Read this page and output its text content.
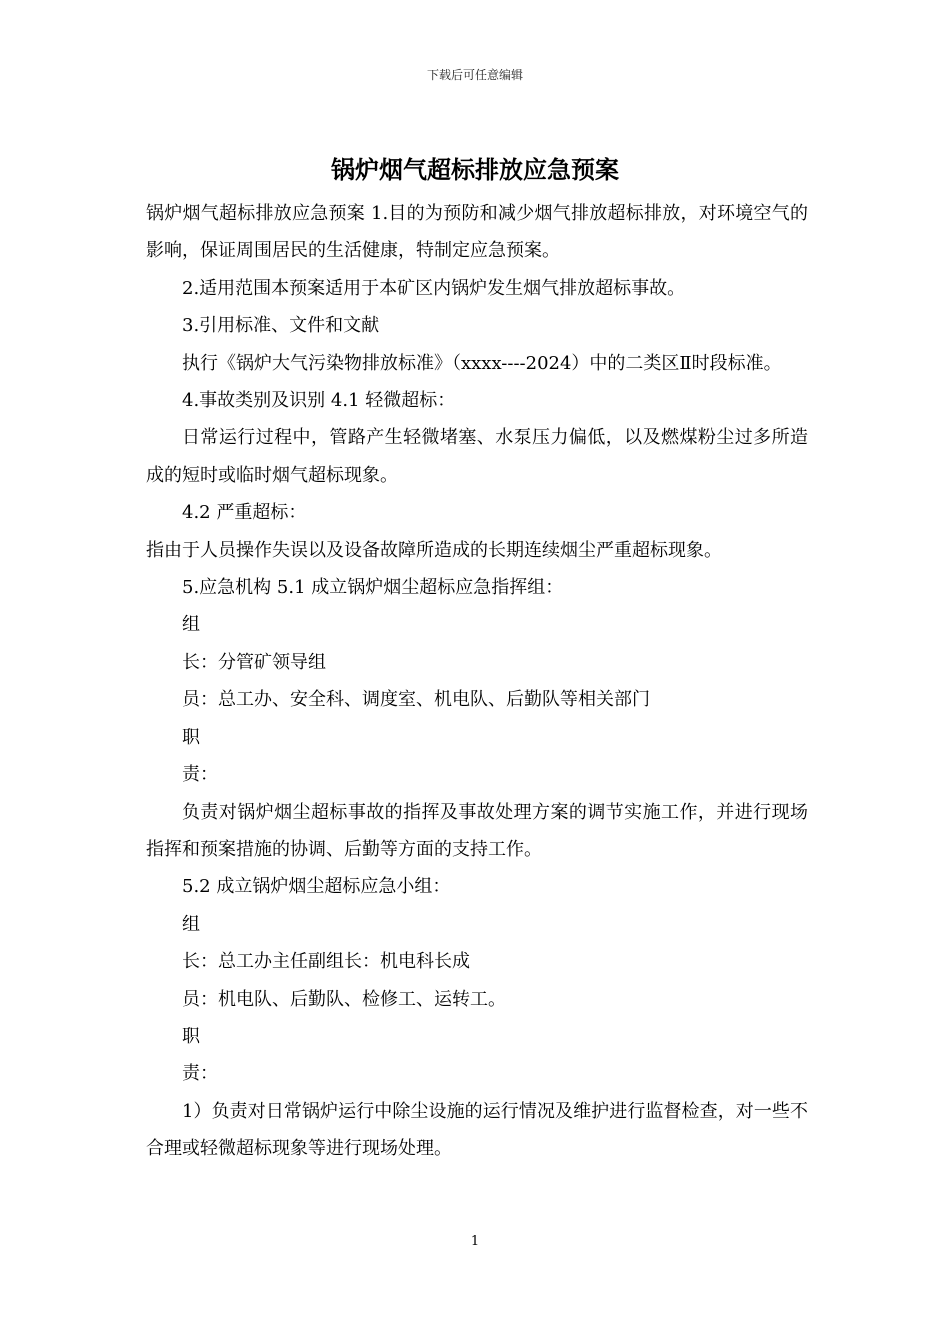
下载后可任意编辑
锅炉烟气超标排放应急预案

锅炉烟气超标排放应急预案 1.目的为预防和减少烟气排放超标排放，对环境空气的影响，保证周围居民的生活健康，特制定应急预案。

2.适用范围本预案适用于本矿区内锅炉发生烟气排放超标事故。

3.引用标准、文件和文献

执行《锅炉大气污染物排放标准》（xxxx----2024）中的二类区Ⅱ时段标准。

4.事故类别及识别 4.1 轻微超标：

日常运行过程中，管路产生轻微堵塞、水泵压力偏低，以及燃煤粉尘过多所造成的短时或临时烟气超标现象。

4.2 严重超标：

指由于人员操作失误以及设备故障所造成的长期连续烟尘严重超标现象。

5.应急机构 5.1 成立锅炉烟尘超标应急指挥组：

组

长：分管矿领导组

员：总工办、安全科、调度室、机电队、后勤队等相关部门

职

责：

负责对锅炉烟尘超标事故的指挥及事故处理方案的调节实施工作，并进行现场指挥和预案措施的协调、后勤等方面的支持工作。

5.2 成立锅炉烟尘超标应急小组：

组

长：总工办主任副组长：机电科长成

员：机电队、后勤队、检修工、运转工。

职

责：

1）负责对日常锅炉运行中除尘设施的运行情况及维护进行监督检查，对一些不合理或轻微超标现象等进行现场处理。

1
